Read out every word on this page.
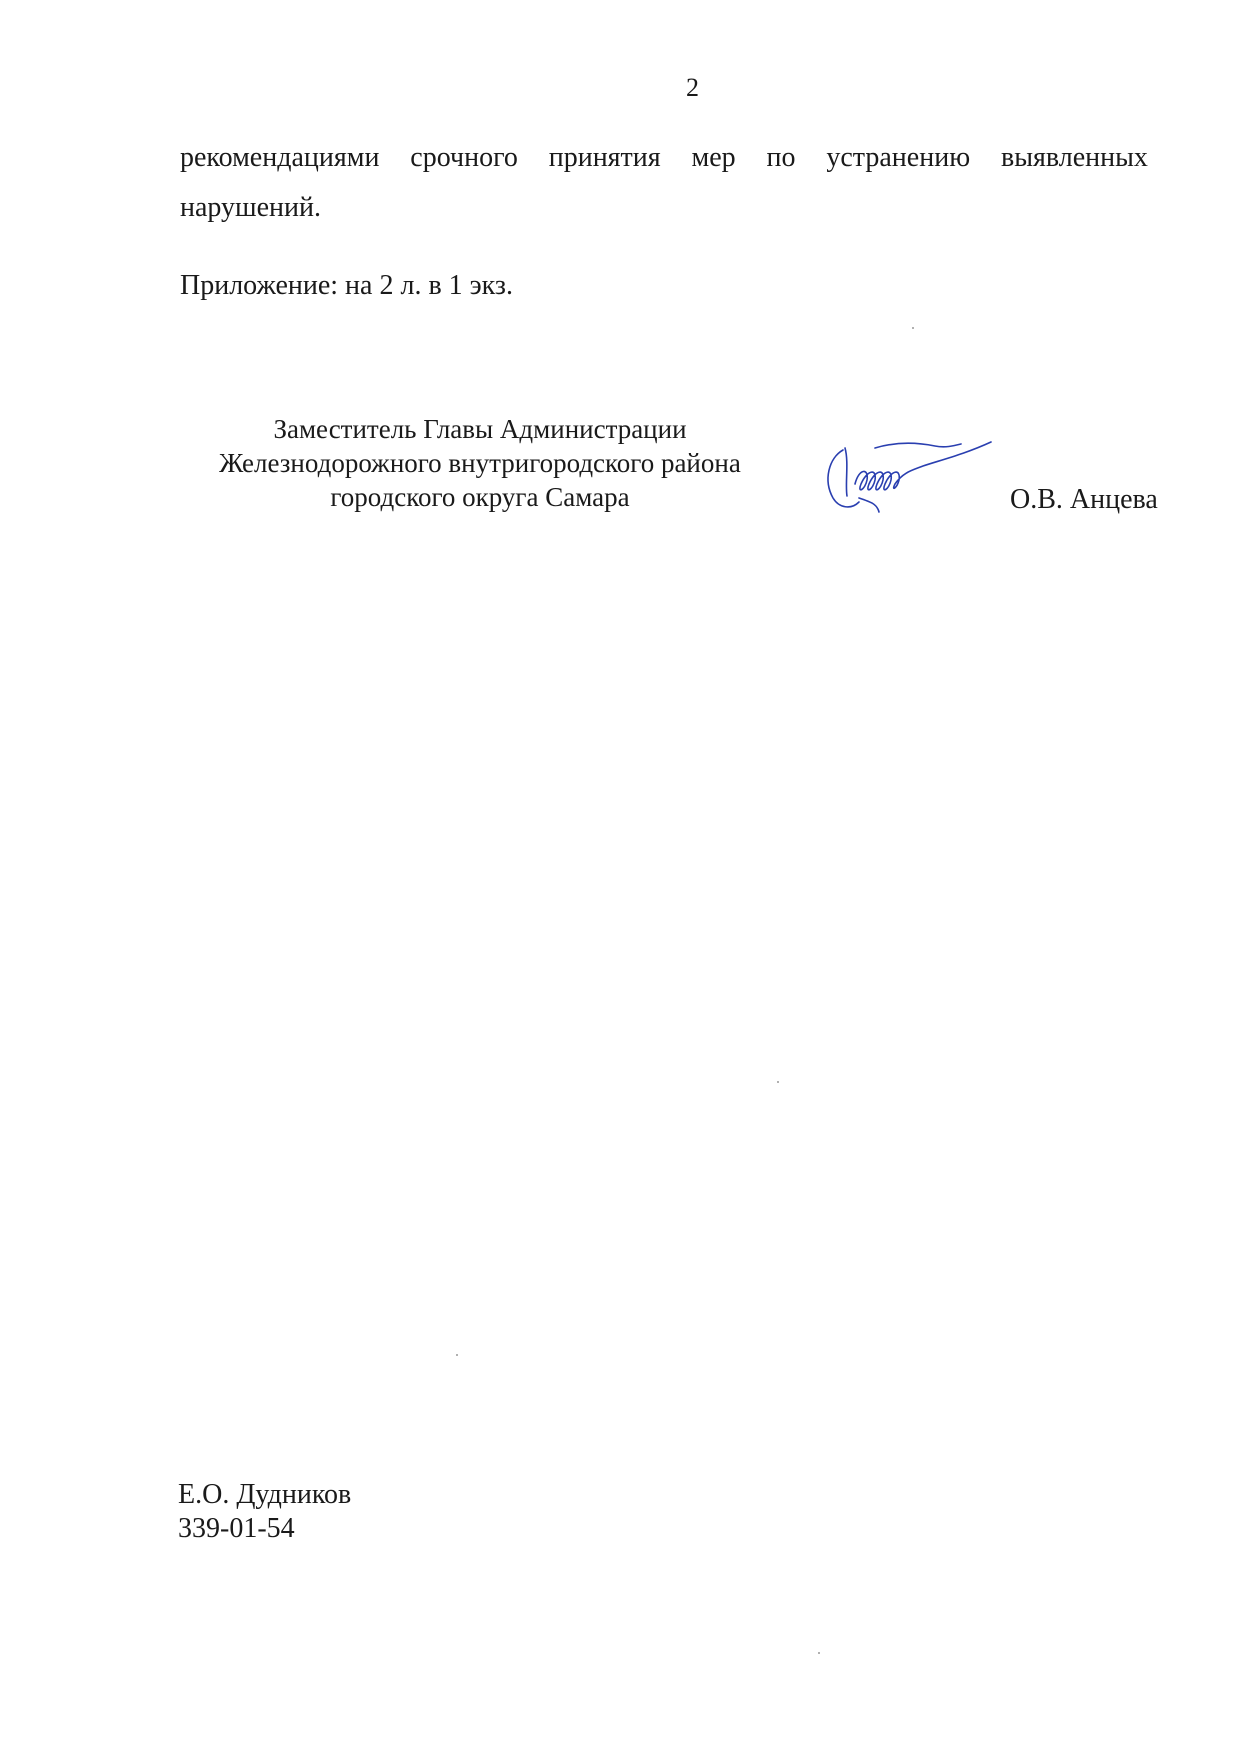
2
рекомендациями срочного принятия мер по устранению выявленных
нарушений.
Приложение: на 2 л. в 1 экз.
Заместитель Главы Администрации
Железнодорожного внутригородского района
городского округа Самара	О.В. Анцева
Е.О. Дудников
339-01-54
